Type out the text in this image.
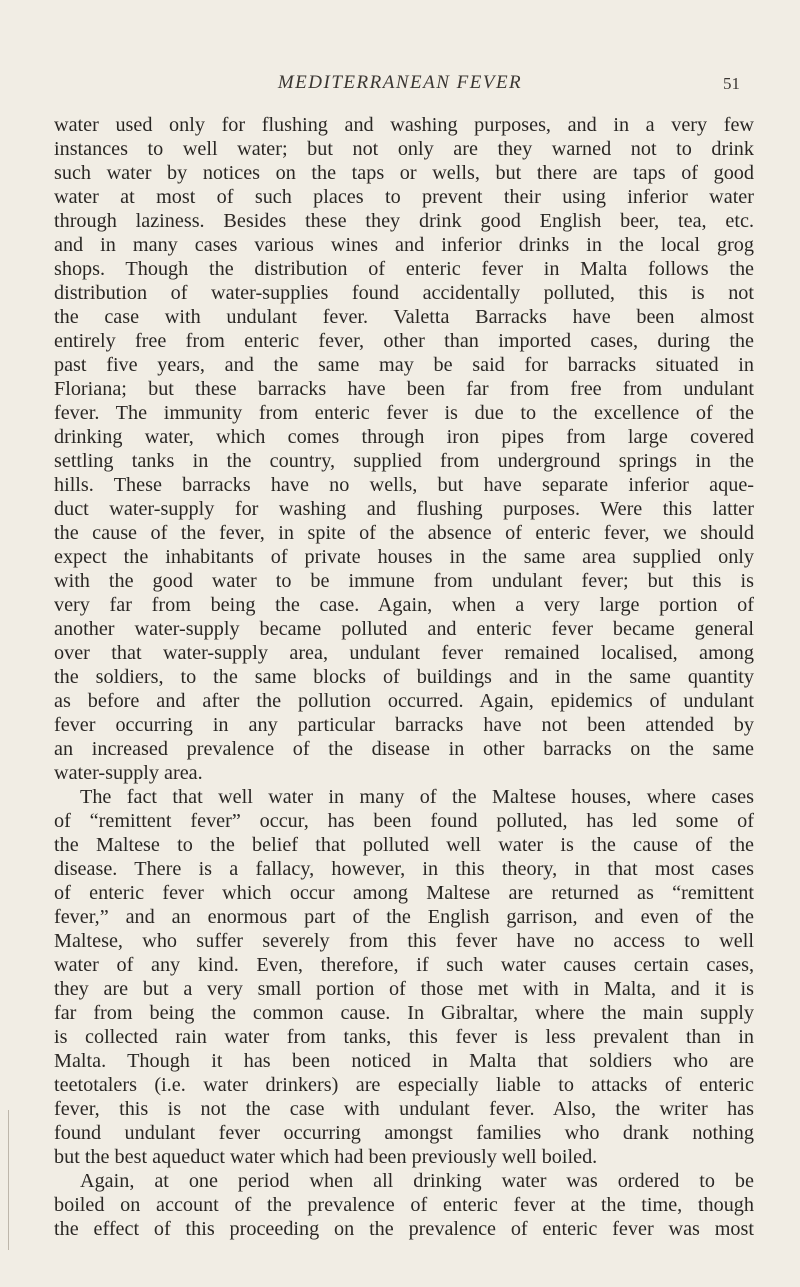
MEDITERRANEAN FEVER	51
water used only for flushing and washing purposes, and in a very few
instances to well water; but not only are they warned not to drink
such water by notices on the taps or wells, but there are taps of good
water at most of such places to prevent their using inferior water
through laziness. Besides these they drink good English beer, tea, etc.
and in many cases various wines and inferior drinks in the local grog
shops. Though the distribution of enteric fever in Malta follows the
distribution of water-supplies found accidentally polluted, this is not
the case with undulant fever. Valetta Barracks have been almost
entirely free from enteric fever, other than imported cases, during the
past five years, and the same may be said for barracks situated in
Floriana; but these barracks have been far from free from undulant
fever. The immunity from enteric fever is due to the excellence of the
drinking water, which comes through iron pipes from large covered
settling tanks in the country, supplied from underground springs in the
hills. These barracks have no wells, but have separate inferior aque-
duct water-supply for washing and flushing purposes. Were this latter
the cause of the fever, in spite of the absence of enteric fever, we should
expect the inhabitants of private houses in the same area supplied only
with the good water to be immune from undulant fever; but this is
very far from being the case. Again, when a very large portion of
another water-supply became polluted and enteric fever became general
over that water-supply area, undulant fever remained localised, among
the soldiers, to the same blocks of buildings and in the same quantity
as before and after the pollution occurred. Again, epidemics of undulant
fever occurring in any particular barracks have not been attended by
an increased prevalence of the disease in other barracks on the same
water-supply area.
The fact that well water in many of the Maltese houses, where cases
of “remittent fever” occur, has been found polluted, has led some of
the Maltese to the belief that polluted well water is the cause of the
disease. There is a fallacy, however, in this theory, in that most cases
of enteric fever which occur among Maltese are returned as “remittent
fever,” and an enormous part of the English garrison, and even of the
Maltese, who suffer severely from this fever have no access to well
water of any kind. Even, therefore, if such water causes certain cases,
they are but a very small portion of those met with in Malta, and it is
far from being the common cause. In Gibraltar, where the main supply
is collected rain water from tanks, this fever is less prevalent than in
Malta. Though it has been noticed in Malta that soldiers who are
teetotalers (i.e. water drinkers) are especially liable to attacks of enteric
fever, this is not the case with undulant fever. Also, the writer has
found undulant fever occurring amongst families who drank nothing
but the best aqueduct water which had been previously well boiled.
Again, at one period when all drinking water was ordered to be
boiled on account of the prevalence of enteric fever at the time, though
the effect of this proceeding on the prevalence of enteric fever was most
